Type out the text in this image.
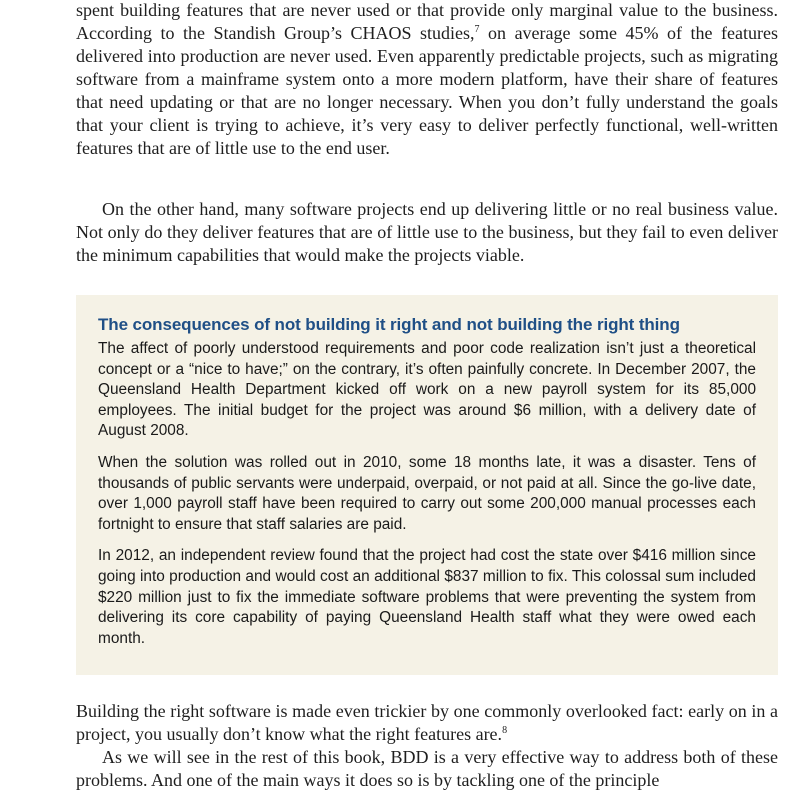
spent building features that are never used or that provide only marginal value to the business. According to the Standish Group’s CHAOS studies,$^7$ on average some 45% of the features delivered into production are never used. Even apparently predictable projects, such as migrating software from a mainframe system onto a more modern platform, have their share of features that need updating or that are no longer necessary. When you don’t fully understand the goals that your client is trying to achieve, it’s very easy to deliver perfectly functional, well-written features that are of little use to the end user.

On the other hand, many software projects end up delivering little or no real business value. Not only do they deliver features that are of little use to the business, but they fail to even deliver the minimum capabilities that would make the projects viable.

The consequences of not building it right and not building the right thing

The affect of poorly understood requirements and poor code realization isn’t just a theoretical concept or a “nice to have;” on the contrary, it’s often painfully concrete. In December 2007, the Queensland Health Department kicked off work on a new payroll system for its 85,000 employees. The initial budget for the project was around $6 million, with a delivery date of August 2008.

When the solution was rolled out in 2010, some 18 months late, it was a disaster. Tens of thousands of public servants were underpaid, overpaid, or not paid at all. Since the go-live date, over 1,000 payroll staff have been required to carry out some 200,000 manual processes each fortnight to ensure that staff salaries are paid.

In 2012, an independent review found that the project had cost the state over $416 million since going into production and would cost an additional $837 million to fix. This colossal sum included $220 million just to fix the immediate software problems that were preventing the system from delivering its core capability of paying Queensland Health staff what they were owed each month.

Building the right software is made even trickier by one commonly overlooked fact: early on in a project, you usually don’t know what the right features are.$^8$

As we will see in the rest of this book, BDD is a very effective way to address both of these problems. And one of the main ways it does so is by tackling one of the principle
